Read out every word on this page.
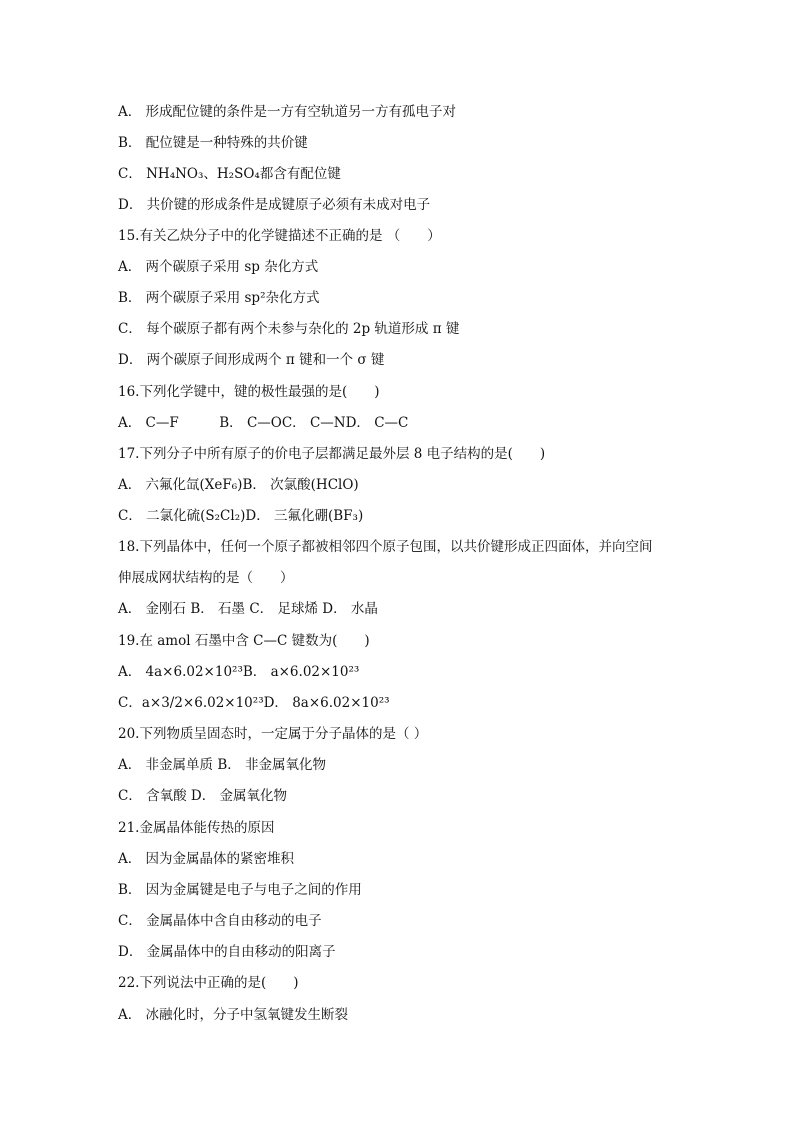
A． 形成配位键的条件是一方有空轨道另一方有孤电子对
B． 配位键是一种特殊的共价键
C． NH₄NO₃、H₂SO₄都含有配位键
D． 共价键的形成条件是成键原子必须有未成对电子
15.有关乙炔分子中的化学键描述不正确的是 （　　）
A． 两个碳原子采用 sp 杂化方式
B． 两个碳原子采用 sp²杂化方式
C． 每个碳原子都有两个未参与杂化的 2p 轨道形成 π 键
D． 两个碳原子间形成两个 π 键和一个 σ 键
16.下列化学键中，键的极性最强的是(　　)
A． C—F　　　B． C—OC． C—ND． C—C
17.下列分子中所有原子的价电子层都满足最外层 8 电子结构的是(　　)
A． 六氟化氙(XeF₆)B． 次氯酸(HClO)
C． 二氯化硫(S₂Cl₂)D． 三氟化硼(BF₃)
18.下列晶体中，任何一个原子都被相邻四个原子包围，以共价键形成正四面体，并向空间
伸展成网状结构的是（　　）
A． 金刚石 B． 石墨 C． 足球烯 D． 水晶
19.在 amol 石墨中含 C—C 键数为(　　)
A． 4a×6.02×10²³B． a×6.02×10²³
C．a×3/2×6.02×10²³D． 8a×6.02×10²³
20.下列物质呈固态时，一定属于分子晶体的是（ ）
A． 非金属单质 B． 非金属氧化物
C． 含氧酸 D． 金属氧化物
21.金属晶体能传热的原因
A． 因为金属晶体的紧密堆积
B． 因为金属键是电子与电子之间的作用
C． 金属晶体中含自由移动的电子
D． 金属晶体中的自由移动的阳离子
22.下列说法中正确的是(　　)
A． 冰融化时，分子中氢氧键发生断裂
